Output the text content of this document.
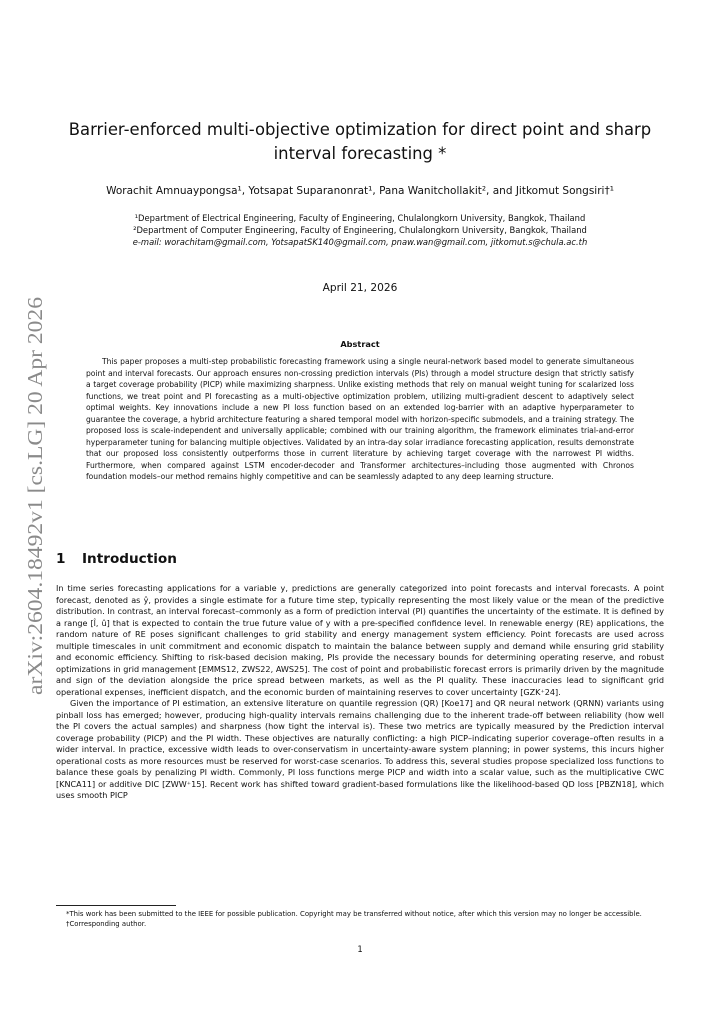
arXiv:2604.18492v1 [cs.LG] 20 Apr 2026
Barrier-enforced multi-objective optimization for direct point and sharp
interval forecasting *
Worachit Amnuaypongsa¹, Yotsapat Suparanonrat¹, Pana Wanitchollakit², and Jitkomut Songsiri†¹
¹Department of Electrical Engineering, Faculty of Engineering, Chulalongkorn University, Bangkok, Thailand
²Department of Computer Engineering, Faculty of Engineering, Chulalongkorn University, Bangkok, Thailand
e-mail: worachitam@gmail.com, YotsapatSK140@gmail.com, pnaw.wan@gmail.com, jitkomut.s@chula.ac.th
April 21, 2026
Abstract
This paper proposes a multi-step probabilistic forecasting framework using a single neural-network based model to generate simultaneous point and interval forecasts. Our approach ensures non-crossing prediction intervals (PIs) through a model structure design that strictly satisfy a target coverage probability (PICP) while maximizing sharpness. Unlike existing methods that rely on manual weight tuning for scalarized loss functions, we treat point and PI forecasting as a multi-objective optimization problem, utilizing multi-gradient descent to adaptively select optimal weights. Key innovations include a new PI loss function based on an extended log-barrier with an adaptive hyperparameter to guarantee the coverage, a hybrid architecture featuring a shared temporal model with horizon-specific submodels, and a training strategy. The proposed loss is scale-independent and universally applicable; combined with our training algorithm, the framework eliminates trial-and-error hyperparameter tuning for balancing multiple objectives. Validated by an intra-day solar irradiance forecasting application, results demonstrate that our proposed loss consistently outperforms those in current literature by achieving target coverage with the narrowest PI widths. Furthermore, when compared against LSTM encoder-decoder and Transformer architectures–including those augmented with Chronos foundation models–our method remains highly competitive and can be seamlessly adapted to any deep learning structure.
1 Introduction

In time series forecasting applications for a variable y, predictions are generally categorized into point forecasts and interval forecasts. A point forecast, denoted as ŷ, provides a single estimate for a future time step, typically representing the most likely value or the mean of the predictive distribution. In contrast, an interval forecast–commonly as a form of prediction interval (PI) quantifies the uncertainty of the estimate. It is defined by a range [l̂, û] that is expected to contain the true future value of y with a pre-specified confidence level. In renewable energy (RE) applications, the random nature of RE poses significant challenges to grid stability and energy management system efficiency. Point forecasts are used across multiple timescales in unit commitment and economic dispatch to maintain the balance between supply and demand while ensuring grid stability and economic efficiency. Shifting to risk-based decision making, PIs provide the necessary bounds for determining operating reserve, and robust optimizations in grid management [EMMS12, ZWS22, AWS25]. The cost of point and probabilistic forecast errors is primarily driven by the magnitude and sign of the deviation alongside the price spread between markets, as well as the PI quality. These inaccuracies lead to significant grid operational expenses, inefficient dispatch, and the economic burden of maintaining reserves to cover uncertainty [GZK⁺24].

Given the importance of PI estimation, an extensive literature on quantile regression (QR) [Koe17] and QR neural network (QRNN) variants using pinball loss has emerged; however, producing high-quality intervals remains challenging due to the inherent trade-off between reliability (how well the PI covers the actual samples) and sharpness (how tight the interval is). These two metrics are typically measured by the Prediction interval coverage probability (PICP) and the PI width. These objectives are naturally conflicting: a high PICP–indicating superior coverage–often results in a wider interval. In practice, excessive width leads to over-conservatism in uncertainty-aware system planning; in power systems, this incurs higher operational costs as more resources must be reserved for worst-case scenarios. To address this, several studies propose specialized loss functions to balance these goals by penalizing PI width. Commonly, PI loss functions merge PICP and width into a scalar value, such as the multiplicative CWC [KNCA11] or additive DIC [ZWW⁺15]. Recent work has shifted toward gradient-based formulations like the likelihood-based QD loss [PBZN18], which uses smooth PICP

*This work has been submitted to the IEEE for possible publication. Copyright may be transferred without notice, after which this version may no longer be accessible.

†Corresponding author.

1
